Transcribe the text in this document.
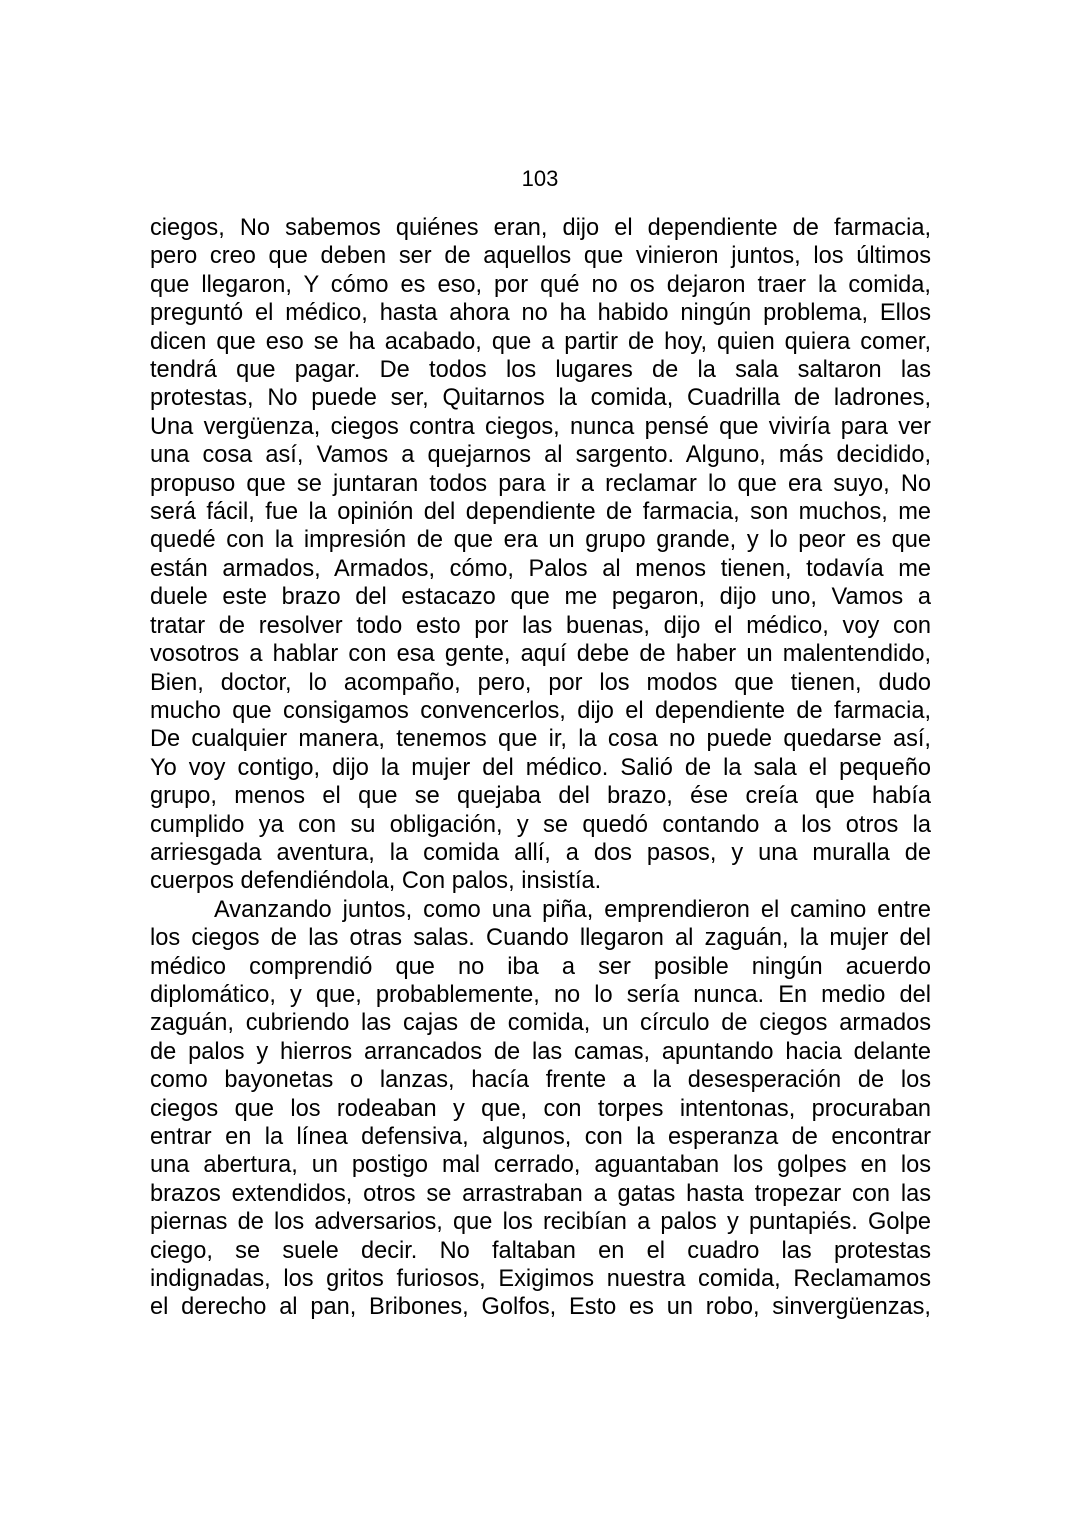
103

ciegos, No sabemos quiénes eran, dijo el dependiente de farmacia,
pero creo que deben ser de aquellos que vinieron juntos, los últimos
que llegaron, Y cómo es eso, por qué no os dejaron traer la comida,
preguntó el médico, hasta ahora no ha habido ningún problema, Ellos
dicen que eso se ha acabado, que a partir de hoy, quien quiera comer,
tendrá que pagar. De todos los lugares de la sala saltaron las
protestas, No puede ser, Quitarnos la comida, Cuadrilla de ladrones,
Una vergüenza, ciegos contra ciegos, nunca pensé que viviría para ver
una cosa así, Vamos a quejarnos al sargento. Alguno, más decidido,
propuso que se juntaran todos para ir a reclamar lo que era suyo, No
será fácil, fue la opinión del dependiente de farmacia, son muchos, me
quedé con la impresión de que era un grupo grande, y lo peor es que
están armados, Armados, cómo, Palos al menos tienen, todavía me
duele este brazo del estacazo que me pegaron, dijo uno, Vamos a
tratar de resolver todo esto por las buenas, dijo el médico, voy con
vosotros a hablar con esa gente, aquí debe de haber un malentendido,
Bien, doctor, lo acompaño, pero, por los modos que tienen, dudo
mucho que consigamos convencerlos, dijo el dependiente de farmacia,
De cualquier manera, tenemos que ir, la cosa no puede quedarse así,
Yo voy contigo, dijo la mujer del médico. Salió de la sala el pequeño
grupo, menos el que se quejaba del brazo, ése creía que había
cumplido ya con su obligación, y se quedó contando a los otros la
arriesgada aventura, la comida allí, a dos pasos, y una muralla de
cuerpos defendiéndola, Con palos, insistía.

Avanzando juntos, como una piña, emprendieron el camino entre
los ciegos de las otras salas. Cuando llegaron al zaguán, la mujer del
médico comprendió que no iba a ser posible ningún acuerdo
diplomático, y que, probablemente, no lo sería nunca. En medio del
zaguán, cubriendo las cajas de comida, un círculo de ciegos armados
de palos y hierros arrancados de las camas, apuntando hacia delante
como bayonetas o lanzas, hacía frente a la desesperación de los
ciegos que los rodeaban y que, con torpes intentonas, procuraban
entrar en la línea defensiva, algunos, con la esperanza de encontrar
una abertura, un postigo mal cerrado, aguantaban los golpes en los
brazos extendidos, otros se arrastraban a gatas hasta tropezar con las
piernas de los adversarios, que los recibían a palos y puntapiés. Golpe
ciego, se suele decir. No faltaban en el cuadro las protestas
indignadas, los gritos furiosos, Exigimos nuestra comida, Reclamamos
el derecho al pan, Bribones, Golfos, Esto es un robo, sinvergüenzas,
